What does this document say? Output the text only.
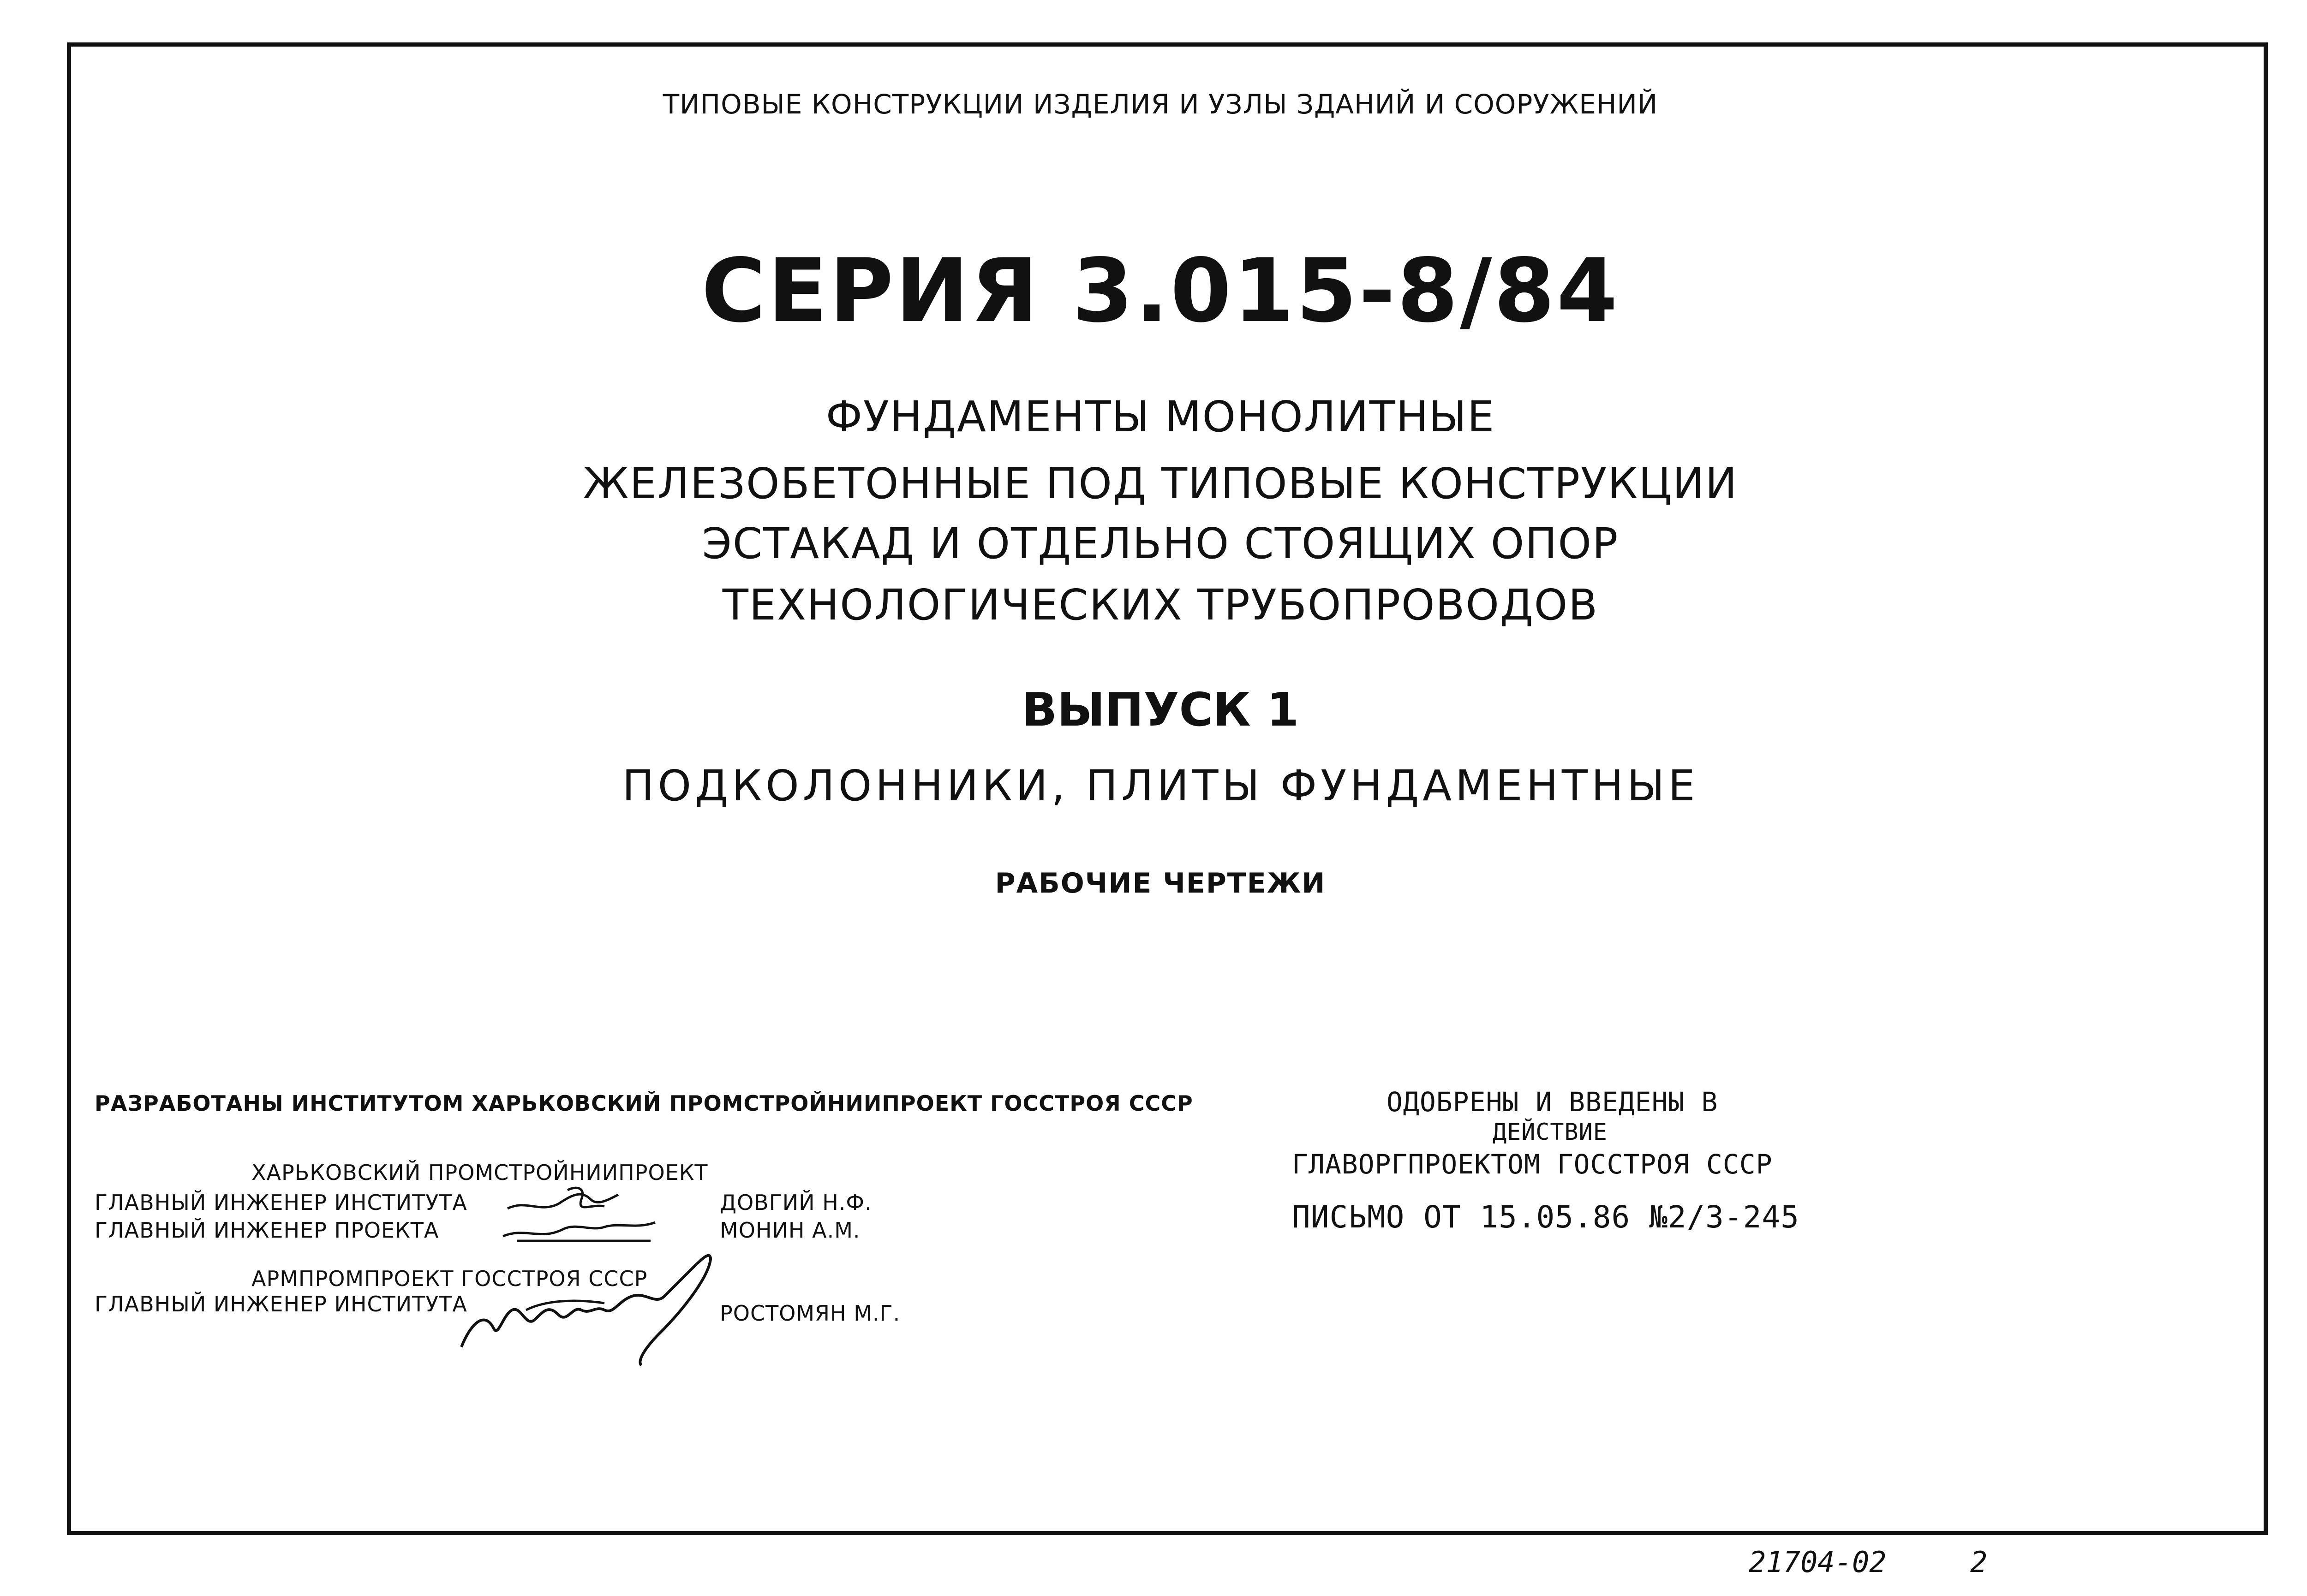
ТИПОВЫЕ КОНСТРУКЦИИ ИЗДЕЛИЯ И УЗЛЫ ЗДАНИЙ И СООРУЖЕНИЙ
СЕРИЯ 3.015-8/84
ФУНДАМЕНТЫ МОНОЛИТНЫЕ
ЖЕЛЕЗОБЕТОННЫЕ ПОД ТИПОВЫЕ КОНСТРУКЦИИ
ЭСТАКАД И ОТДЕЛЬНО СТОЯЩИХ ОПОР
ТЕХНОЛОГИЧЕСКИХ ТРУБОПРОВОДОВ
ВЫПУСК 1
ПОДКОЛОННИКИ, ПЛИТЫ ФУНДАМЕНТНЫЕ
РАБОЧИЕ ЧЕРТЕЖИ
РАЗРАБОТАНЫ ИНСТИТУТОМ ХАРЬКОВСКИЙ ПРОМСТРОЙНИИПРОЕКТ ГОССТРОЯ СССР
ХАРЬКОВСКИЙ ПРОМСТРОЙНИИПРОЕКТ
ГЛАВНЫЙ ИНЖЕНЕР ИНСТИТУТА	ДОВГИЙ Н.Ф.
ГЛАВНЫЙ ИНЖЕНЕР ПРОЕКТА	МОНИН А.М.
АРМПРОМПРОЕКТ ГОССТРОЯ СССР
ГЛАВНЫЙ ИНЖЕНЕР ИНСТИТУТА	РОСТОМЯН М.Г.
ОДОБРЕНЫ И ВВЕДЕНЫ В
ДЕЙСТВИЕ
ГЛАВОРГПРОЕКТОМ ГОССТРОЯ СССР
ПИСЬМО ОТ 15.05.86 №2/3-245
21704-02	2
